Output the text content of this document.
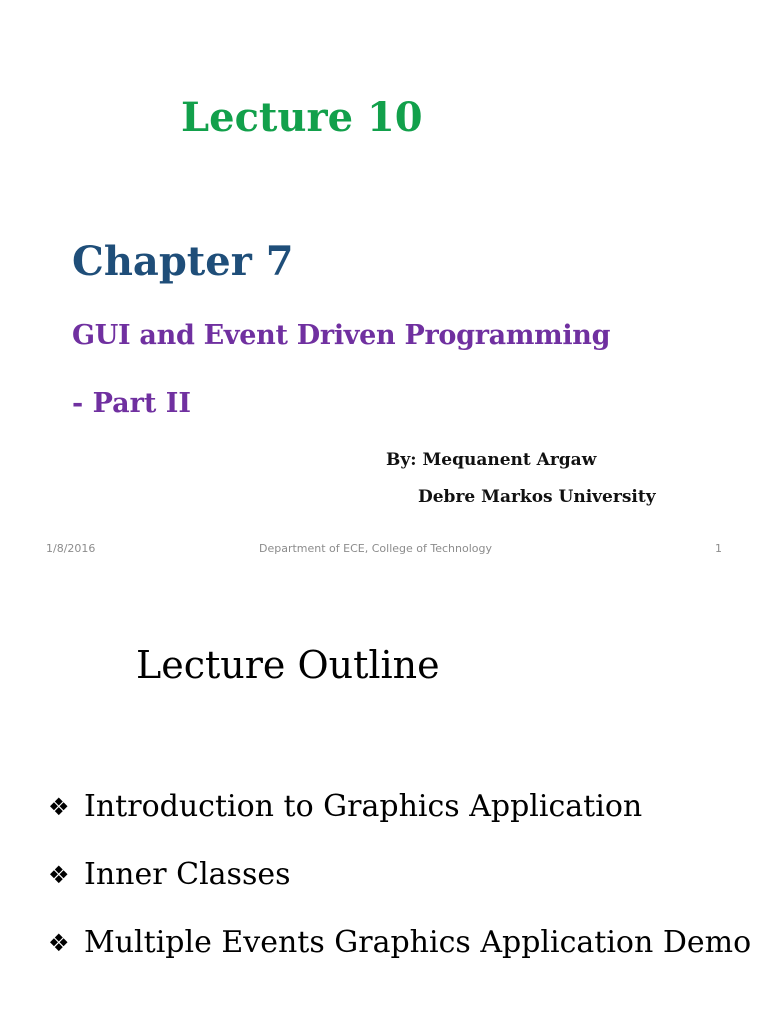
Lecture 10
Chapter 7
GUI and Event Driven Programming
- Part II
By: Mequanent Argaw
Debre Markos University
1/8/2016	Department of ECE, College of Technology	1
Lecture Outline
❖ Introduction to Graphics Application
❖ Inner Classes
❖ Multiple Events Graphics Application Demo
